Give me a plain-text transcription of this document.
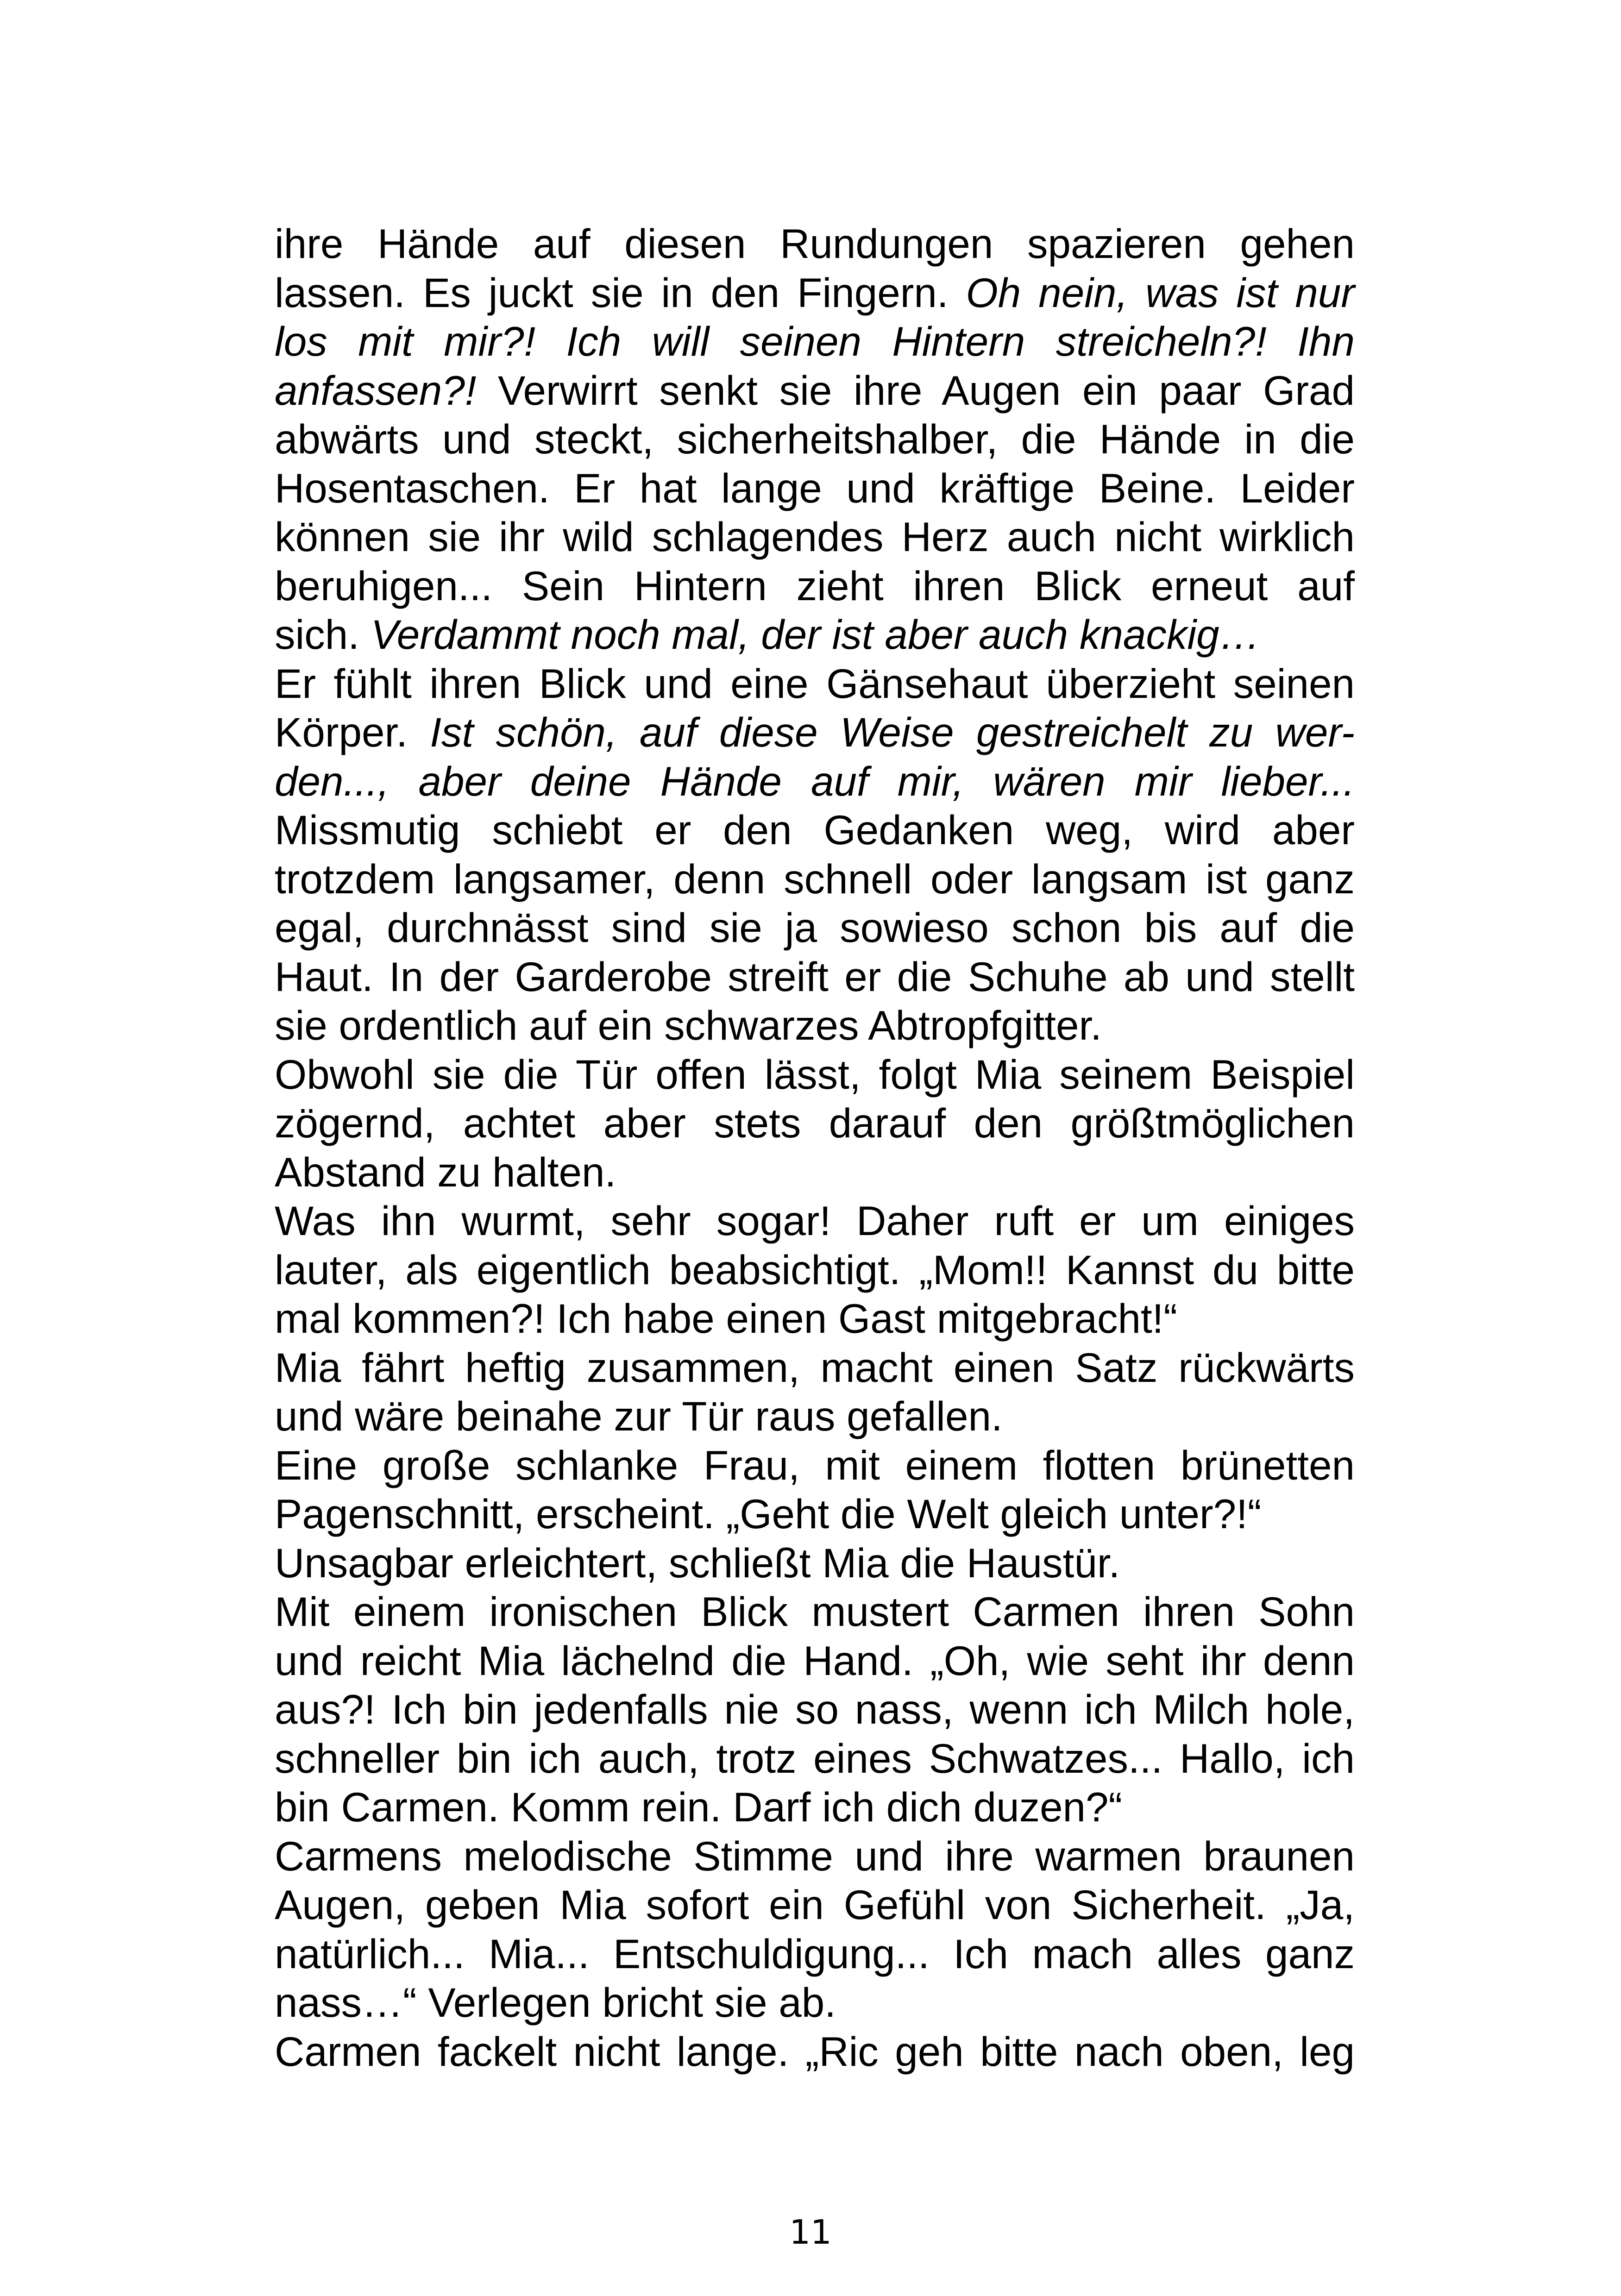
ihre Hände auf diesen Rundungen spazieren gehen
lassen. Es juckt sie in den Fingern. Oh nein, was ist nur
los mit mir?! Ich will seinen Hintern streicheln?! Ihn
anfassen?! Verwirrt senkt sie ihre Augen ein paar Grad
abwärts und steckt, sicherheitshalber, die Hände in die
Hosentaschen. Er hat lange und kräftige Beine. Leider
können sie ihr wild schlagendes Herz auch nicht wirklich
beruhigen... Sein Hintern zieht ihren Blick erneut auf
sich. Verdammt noch mal, der ist aber auch knackig…
Er fühlt ihren Blick und eine Gänsehaut überzieht seinen
Körper. Ist schön, auf diese Weise gestreichelt zu wer-
den..., aber deine Hände auf mir, wären mir lieber...
Missmutig schiebt er den Gedanken weg, wird aber
trotzdem langsamer, denn schnell oder langsam ist ganz
egal, durchnässt sind sie ja sowieso schon bis auf die
Haut. In der Garderobe streift er die Schuhe ab und stellt
sie ordentlich auf ein schwarzes Abtropfgitter.
Obwohl sie die Tür offen lässt, folgt Mia seinem Beispiel
zögernd, achtet aber stets darauf den größtmöglichen
Abstand zu halten.
Was ihn wurmt, sehr sogar! Daher ruft er um einiges
lauter, als eigentlich beabsichtigt. „Mom!! Kannst du bitte
mal kommen?! Ich habe einen Gast mitgebracht!“
Mia fährt heftig zusammen, macht einen Satz rückwärts
und wäre beinahe zur Tür raus gefallen.
Eine große schlanke Frau, mit einem flotten brünetten
Pagenschnitt, erscheint. „Geht die Welt gleich unter?!“
Unsagbar erleichtert, schließt Mia die Haustür.
Mit einem ironischen Blick mustert Carmen ihren Sohn
und reicht Mia lächelnd die Hand. „Oh, wie seht ihr denn
aus?! Ich bin jedenfalls nie so nass, wenn ich Milch hole,
schneller bin ich auch, trotz eines Schwatzes... Hallo, ich
bin Carmen. Komm rein. Darf ich dich duzen?“
Carmens melodische Stimme und ihre warmen braunen
Augen, geben Mia sofort ein Gefühl von Sicherheit. „Ja,
natürlich... Mia... Entschuldigung... Ich mach alles ganz
nass…“ Verlegen bricht sie ab.
Carmen fackelt nicht lange. „Ric geh bitte nach oben, leg
11
